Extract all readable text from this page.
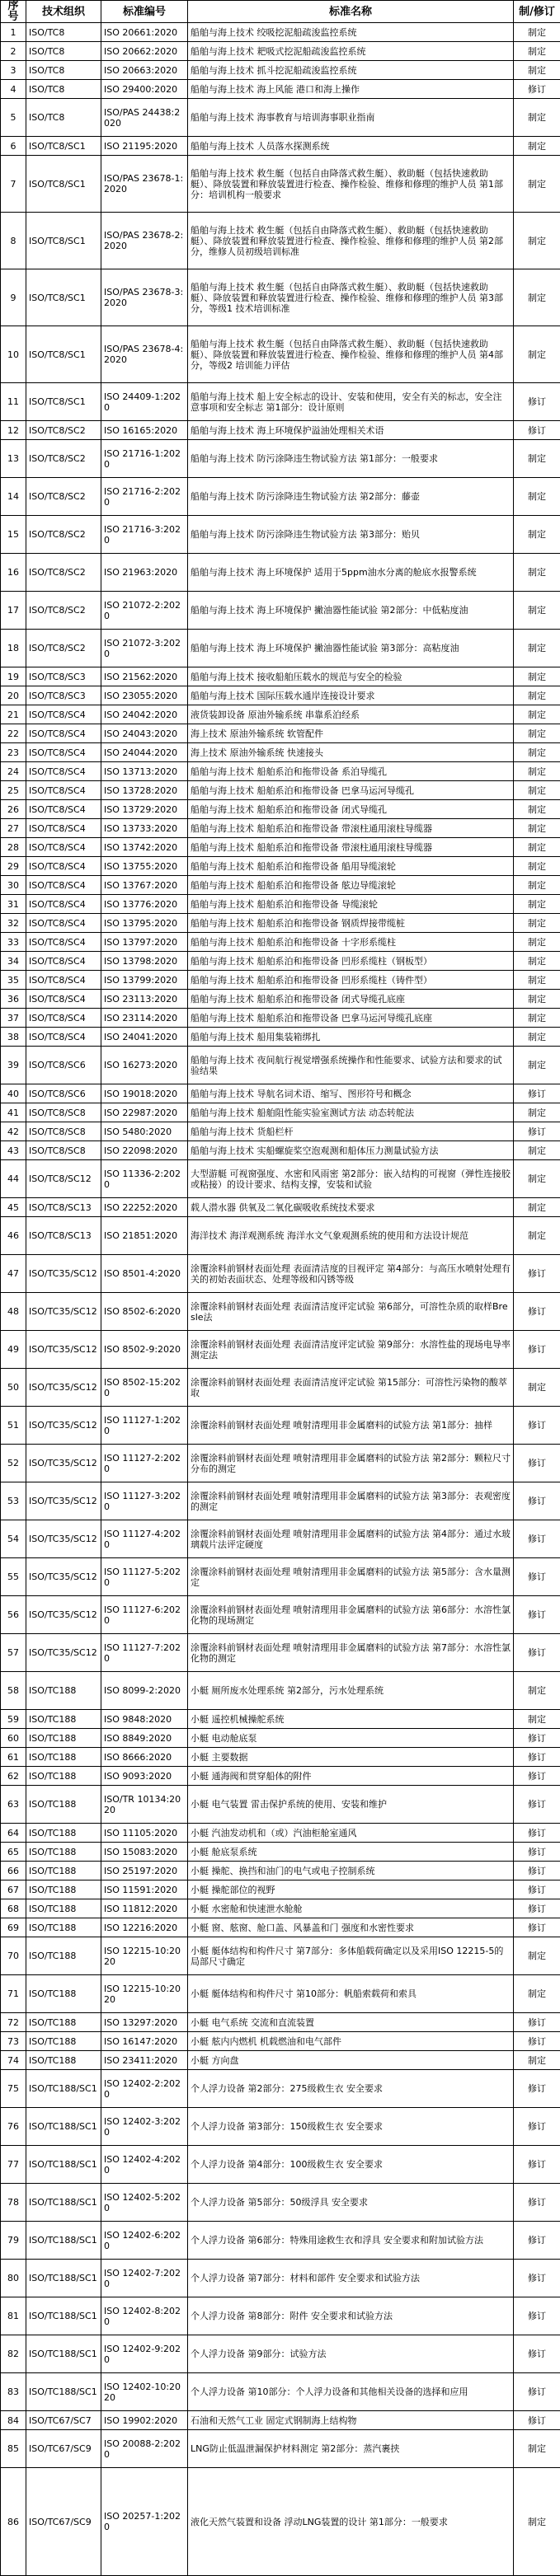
序号	技术组织	标准编号	标准名称	制/修订
1	ISO/TC8	ISO 20661:2020	船舶与海上技术 绞吸挖泥船疏浚监控系统	制定
2	ISO/TC8	ISO 20662:2020	船舶与海上技术 耙吸式挖泥船疏浚监控系统	制定
3	ISO/TC8	ISO 20663:2020	船舶与海上技术 抓斗挖泥船疏浚监控系统	制定
4	ISO/TC8	ISO 29400:2020	船舶与海上技术 海上风能 港口和海上操作	修订
5	ISO/TC8	ISO/PAS 24438:2020	船舶与海上技术 海事教育与培训海事职业指南	制定
6	ISO/TC8/SC1	ISO 21195:2020	船舶与海上技术 人员落水探测系统	制定
7	ISO/TC8/SC1	ISO/PAS 23678-1:2020	船舶与海上技术 救生艇（包括自由降落式救生艇）、救助艇（包括快速救助艇）、降放装置和释放装置进行检查、操作检验、维修和修理的维护人员 第1部分：培训机构一般要求	制定
8	ISO/TC8/SC1	ISO/PAS 23678-2:2020	船舶与海上技术 救生艇（包括自由降落式救生艇）、救助艇（包括快速救助艇）、降放装置和释放装置进行检查、操作检验、维修和修理的维护人员 第2部分，维修人员初级培训标准	制定
9	ISO/TC8/SC1	ISO/PAS 23678-3:2020	船舶与海上技术 救生艇（包括自由降落式救生艇）、救助艇（包括快速救助艇）、降放装置和释放装置进行检查、操作检验、维修和修理的维护人员 第3部分，等级1 技术培训标准	制定
10	ISO/TC8/SC1	ISO/PAS 23678-4:2020	船舶与海上技术 救生艇（包括自由降落式救生艇）、救助艇（包括快速救助艇）、降放装置和释放装置进行检查、操作检验、维修和修理的维护人员 第4部分，等级2 培训能力评估	制定
11	ISO/TC8/SC1	ISO 24409-1:2020	船舶与海上技术 船上安全标志的设计、安装和使用，安全有关的标志，安全注意事项和安全标志 第1部分：设计原则	修订
12	ISO/TC8/SC2	ISO 16165:2020	船舶与海上技术 海上环境保护溢油处理相关术语	修订
13	ISO/TC8/SC2	ISO 21716-1:2020	船舶与海上技术 防污涂降违生物试验方法 第1部分：一般要求	制定
14	ISO/TC8/SC2	ISO 21716-2:2020	船舶与海上技术 防污涂降违生物试验方法 第2部分：藤壶	制定
15	ISO/TC8/SC2	ISO 21716-3:2020	船舶与海上技术 防污涂降违生物试验方法 第3部分：贻贝	制定
16	ISO/TC8/SC2	ISO 21963:2020	船舶与海上技术 海上环境保护 适用于5ppm油水分离的舱底水报警系统	制定
17	ISO/TC8/SC2	ISO 21072-2:2020	船舶与海上技术 海上环境保护 撇油器性能试验 第2部分：中低粘度油	制定
18	ISO/TC8/SC2	ISO 21072-3:2020	船舶与海上技术 海上环境保护 撇油器性能试验 第3部分：高粘度油	制定
19	ISO/TC8/SC3	ISO 21562:2020	船舶与海上技术 接收船舶压载水的规范与安全的检验	制定
20	ISO/TC8/SC3	ISO 23055:2020	船舶与海上技术 国际压载水通岸连接设计要求	制定
21	ISO/TC8/SC4	ISO 24042:2020	液货装卸设备 原油外输系统 串靠系泊经系	制定
22	ISO/TC8/SC4	ISO 24043:2020	海上技术 原油外输系统 软管配件	制定
23	ISO/TC8/SC4	ISO 24044:2020	海上技术 原油外输系统 快速接头	制定
24	ISO/TC8/SC4	ISO 13713:2020	船舶与海上技术 船舶系泊和拖带设备 系泊导缆孔	制定
25	ISO/TC8/SC4	ISO 13728:2020	船舶与海上技术 船舶系泊和拖带设备 巴拿马运河导缆孔	制定
26	ISO/TC8/SC4	ISO 13729:2020	船舶与海上技术 船舶系泊和拖带设备 闭式导缆孔	制定
27	ISO/TC8/SC4	ISO 13733:2020	船舶与海上技术 船舶系泊和拖带设备 带滚柱通用滚柱导缆器	制定
28	ISO/TC8/SC4	ISO 13742:2020	船舶与海上技术 船舶系泊和拖带设备 带滚柱通用滚柱导缆器	制定
29	ISO/TC8/SC4	ISO 13755:2020	船舶与海上技术 船舶系泊和拖带设备 船用导缆滚轮	制定
30	ISO/TC8/SC4	ISO 13767:2020	船舶与海上技术 船舶系泊和拖带设备 舷边导缆滚轮	制定
31	ISO/TC8/SC4	ISO 13776:2020	船舶与海上技术 船舶系泊和拖带设备 导缆滚轮	制定
32	ISO/TC8/SC4	ISO 13795:2020	船舶与海上技术 船舶系泊和拖带设备 钢质焊接带缆桩	制定
33	ISO/TC8/SC4	ISO 13797:2020	船舶与海上技术 船舶系泊和拖带设备 十字形系缆柱	制定
34	ISO/TC8/SC4	ISO 13798:2020	船舶与海上技术 船舶系泊和拖带设备 凹形系缆柱（钢板型）	制定
35	ISO/TC8/SC4	ISO 13799:2020	船舶与海上技术 船舶系泊和拖带设备 凹形系缆柱（铸件型）	制定
36	ISO/TC8/SC4	ISO 23113:2020	船舶与海上技术 船舶系泊和拖带设备 闭式导缆孔底座	制定
37	ISO/TC8/SC4	ISO 23114:2020	船舶与海上技术 船舶系泊和拖带设备 巴拿马运河导缆孔底座	制定
38	ISO/TC8/SC4	ISO 24041:2020	船舶与海上技术 船用集装箱绑扎	制定
39	ISO/TC8/SC6	ISO 16273:2020	船舶与海上技术 夜间航行视觉增强系统操作和性能要求、试验方法和要求的试验结果	制定
40	ISO/TC8/SC6	ISO 19018:2020	船舶与海上技术 导航名词术语、缩写、图形符号和概念	修订
41	ISO/TC8/SC8	ISO 22987:2020	船舶与海上技术 船舶阻性能实验室测试方法 动态转舵法	制定
42	ISO/TC8/SC8	ISO 5480:2020	船舶与海上技术 货船栏杆	修订
43	ISO/TC8/SC8	ISO 22098:2020	船舶与海上技术 实船螺旋桨空泡观测和船体压力测量试验方法	制定
44	ISO/TC8/SC12	ISO 11336-2:2020	大型游艇 可视窗强度、水密和风雨密 第2部分：嵌入结构的可视窗（弹性连接胶或粘接）的设计要求、结构支撑，安装和试验	制定
45	ISO/TC8/SC13	ISO 22252:2020	载人潜水器 供氧及二氧化碳吸收系统技术要求	制定
46	ISO/TC8/SC13	ISO 21851:2020	海洋技术 海洋观测系统 海洋水文气象观测系统的使用和方法设计规范	制定
47	ISO/TC35/SC12	ISO 8501-4:2020	涂覆涂料前钢材表面处理 表面清洁度的目视评定 第4部分：与高压水喷射处理有关的初始表面状态、处理等级和闪锈等级	修订
48	ISO/TC35/SC12	ISO 8502-6:2020	涂覆涂料前钢材表面处理 表面清洁度评定试验 第6部分，可溶性杂质的取样Bresle法	修订
49	ISO/TC35/SC12	ISO 8502-9:2020	涂覆涂料前钢材表面处理 表面清洁度评定试验 第9部分：水溶性盐的现场电导率测定法	修订
50	ISO/TC35/SC12	ISO 8502-15:2020	涂覆涂料前钢材表面处理 表面清洁度评定试验 第15部分：可溶性污染物的酸萃取	制定
51	ISO/TC35/SC12	ISO 11127-1:2020	涂覆涂料前钢材表面处理 喷射清理用非金属磨料的试验方法 第1部分：抽样	修订
52	ISO/TC35/SC12	ISO 11127-2:2020	涂覆涂料前钢材表面处理 喷射清理用非金属磨料的试验方法 第2部分：颗粒尺寸分布的测定	修订
53	ISO/TC35/SC12	ISO 11127-3:2020	涂覆涂料前钢材表面处理 喷射清理用非金属磨料的试验方法 第3部分：表观密度的测定	修订
54	ISO/TC35/SC12	ISO 11127-4:2020	涂覆涂料前钢材表面处理 喷射清理用非金属磨料的试验方法 第4部分：通过水玻璃载片法评定硬度	修订
55	ISO/TC35/SC12	ISO 11127-5:2020	涂覆涂料前钢材表面处理 喷射清理用非金属磨料的试验方法 第5部分：含水量测定	修订
56	ISO/TC35/SC12	ISO 11127-6:2020	涂覆涂料前钢材表面处理 喷射清理用非金属磨料的试验方法 第6部分：水溶性氯化物的现场测定	修订
57	ISO/TC35/SC12	ISO 11127-7:2020	涂覆涂料前钢材表面处理 喷射清理用非金属磨料的试验方法 第7部分：水溶性氯化物的测定	修订
58	ISO/TC188	ISO 8099-2:2020	小艇 厕所废水处理系统 第2部分，污水处理系统	制定
59	ISO/TC188	ISO 9848:2020	小艇 遥控机械操舵系统	制定
60	ISO/TC188	ISO 8849:2020	小艇 电动舱底泵	修订
61	ISO/TC188	ISO 8666:2020	小艇 主要数据	修订
62	ISO/TC188	ISO 9093:2020	小艇 通海阀和贯穿船体的附件	修订
63	ISO/TC188	ISO/TR 10134:2020	小艇 电气装置 雷击保护系统的使用、安装和维护	修订
64	ISO/TC188	ISO 11105:2020	小艇 汽油发动机和（或）汽油柜舱室通风	修订
65	ISO/TC188	ISO 15083:2020	小艇 舱底泵系统	修订
66	ISO/TC188	ISO 25197:2020	小艇 操舵、换挡和油门的电气或电子控制系统	修订
67	ISO/TC188	ISO 11591:2020	小艇 操舵部位的视野	修订
68	ISO/TC188	ISO 11812:2020	小艇 水密舱和快速泄水舱舱	修订
69	ISO/TC188	ISO 12216:2020	小艇 窗、舷窗、舱口盖、风暴盖和门 强度和水密性要求	修订
70	ISO/TC188	ISO 12215-10:2020	小艇 艇体结构和构件尺寸 第7部分：多体船载荷确定以及采用ISO 12215-5的局部尺寸确定	制定
71	ISO/TC188	ISO 12215-10:2020	小艇 艇体结构和构件尺寸 第10部分：帆船索载荷和索具	制定
72	ISO/TC188	ISO 13297:2020	小艇 电气系统 交流和直流装置	修订
73	ISO/TC188	ISO 16147:2020	小艇 舷内内燃机 机载燃油和电气部件	修订
74	ISO/TC188	ISO 23411:2020	小艇 方向盘	制定
75	ISO/TC188/SC1	ISO 12402-2:2020	个人浮力设备 第2部分：275级救生衣 安全要求	修订
76	ISO/TC188/SC1	ISO 12402-3:2020	个人浮力设备 第3部分：150级救生衣 安全要求	修订
77	ISO/TC188/SC1	ISO 12402-4:2020	个人浮力设备 第4部分：100级救生衣 安全要求	修订
78	ISO/TC188/SC1	ISO 12402-5:2020	个人浮力设备 第5部分：50级浮具 安全要求	修订
79	ISO/TC188/SC1	ISO 12402-6:2020	个人浮力设备 第6部分：特殊用途救生衣和浮具 安全要求和附加试验方法	修订
80	ISO/TC188/SC1	ISO 12402-7:2020	个人浮力设备 第7部分：材料和部件 安全要求和试验方法	修订
81	ISO/TC188/SC1	ISO 12402-8:2020	个人浮力设备 第8部分：附件 安全要求和试验方法	修订
82	ISO/TC188/SC1	ISO 12402-9:2020	个人浮力设备 第9部分：试验方法	修订
83	ISO/TC188/SC1	ISO 12402-10:2020	个人浮力设备 第10部分：个人浮力设备和其他相关设备的选择和应用	修订
84	ISO/TC67/SC7	ISO 19902:2020	石油和天然气工业 固定式钢制海上结构物	修订
85	ISO/TC67/SC9	ISO 20088-2:2020	LNG防止低温泄漏保护材料测定 第2部分：蒸汽裹挟	制定
86	ISO/TC67/SC9	ISO 20257-1:2020	液化天然气装置和设备 浮动LNG装置的设计 第1部分：一般要求	制定
